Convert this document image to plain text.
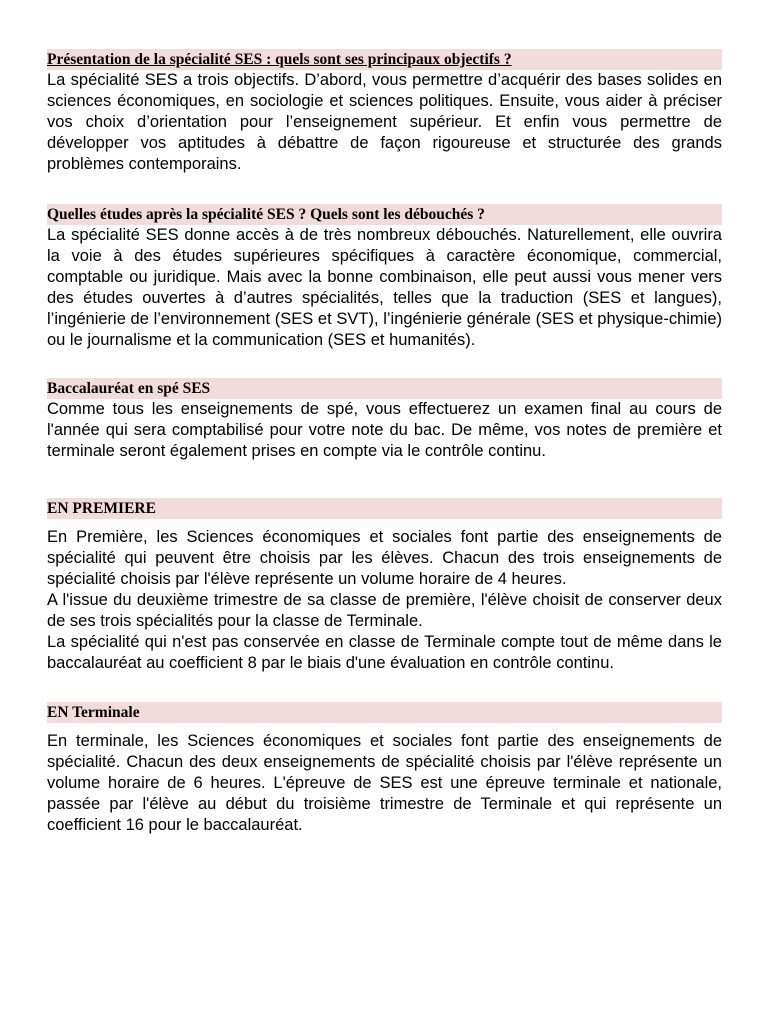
Présentation de la spécialité SES : quels sont ses principaux objectifs ?

La spécialité SES a trois objectifs. D’abord, vous permettre d’acquérir des bases solides en sciences économiques, en sociologie et sciences politiques. Ensuite, vous aider à préciser vos choix d’orientation pour l’enseignement supérieur. Et enfin vous permettre de développer vos aptitudes à débattre de façon rigoureuse et structurée des grands problèmes contemporains.

Quelles études après la spécialité SES ? Quels sont les débouchés ?

La spécialité SES donne accès à de très nombreux débouchés. Naturellement, elle ouvrira la voie à des études supérieures spécifiques à caractère économique, commercial, comptable ou juridique. Mais avec la bonne combinaison, elle peut aussi vous mener vers des études ouvertes à d’autres spécialités, telles que la traduction (SES et langues), l’ingénierie de l’environnement (SES et SVT), l’ingénierie générale (SES et physique-chimie) ou le journalisme et la communication (SES et humanités).

Baccalauréat en spé SES

Comme tous les enseignements de spé, vous effectuerez un examen final au cours de l'année qui sera comptabilisé pour votre note du bac. De même, vos notes de première et terminale seront également prises en compte via le contrôle continu.

EN PREMIERE

En Première, les Sciences économiques et sociales font partie des enseignements de spécialité qui peuvent être choisis par les élèves. Chacun des trois enseignements de spécialité choisis par l'élève représente un volume horaire de 4 heures.

A l'issue du deuxième trimestre de sa classe de première, l'élève choisit de conserver deux de ses trois spécialités pour la classe de Terminale.

La spécialité qui n'est pas conservée en classe de Terminale compte tout de même dans le baccalauréat au coefficient 8 par le biais d'une évaluation en contrôle continu.

EN Terminale

En terminale, les Sciences économiques et sociales font partie des enseignements de spécialité. Chacun des deux enseignements de spécialité choisis par l'élève représente un volume horaire de 6 heures. L'épreuve de SES est une épreuve terminale et nationale, passée par l'élève au début du troisième trimestre de Terminale et qui représente un coefficient 16 pour le baccalauréat.
